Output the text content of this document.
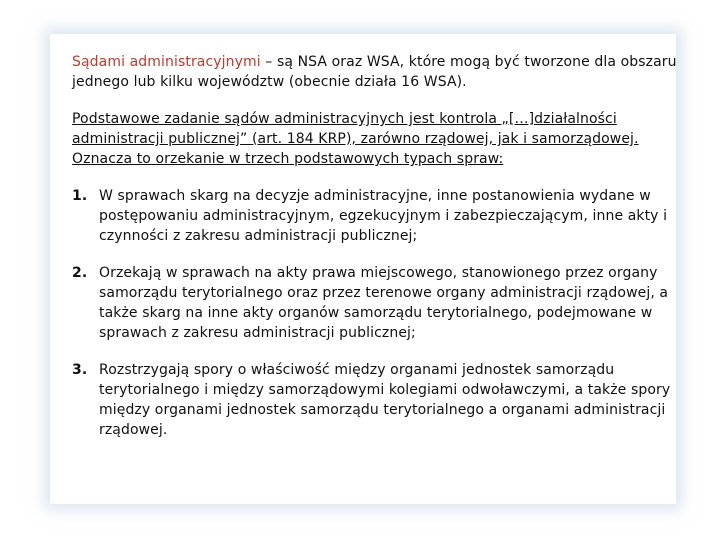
Sądami administracyjnymi – są NSA oraz WSA, które mogą być tworzone dla obszaru jednego lub kilku województw (obecnie działa 16 WSA).

Podstawowe zadanie sądów administracyjnych jest kontrola „[…]działalności administracji publicznej” (art. 184 KRP), zarówno rządowej, jak i samorządowej. Oznacza to orzekanie w trzech podstawowych typach spraw:

1. W sprawach skarg na decyzje administracyjne, inne postanowienia wydane w postępowaniu administracyjnym, egzekucyjnym i zabezpieczającym, inne akty i czynności z zakresu administracji publicznej;
2. Orzekają w sprawach na akty prawa miejscowego, stanowionego przez organy samorządu terytorialnego oraz przez terenowe organy administracji rządowej, a także skarg na inne akty organów samorządu terytorialnego, podejmowane w sprawach z zakresu administracji publicznej;
3. Rozstrzygają spory o właściwość między organami jednostek samorządu terytorialnego i między samorządowymi kolegiami odwoławczymi, a także spory między organami jednostek samorządu terytorialnego a organami administracji rządowej.
